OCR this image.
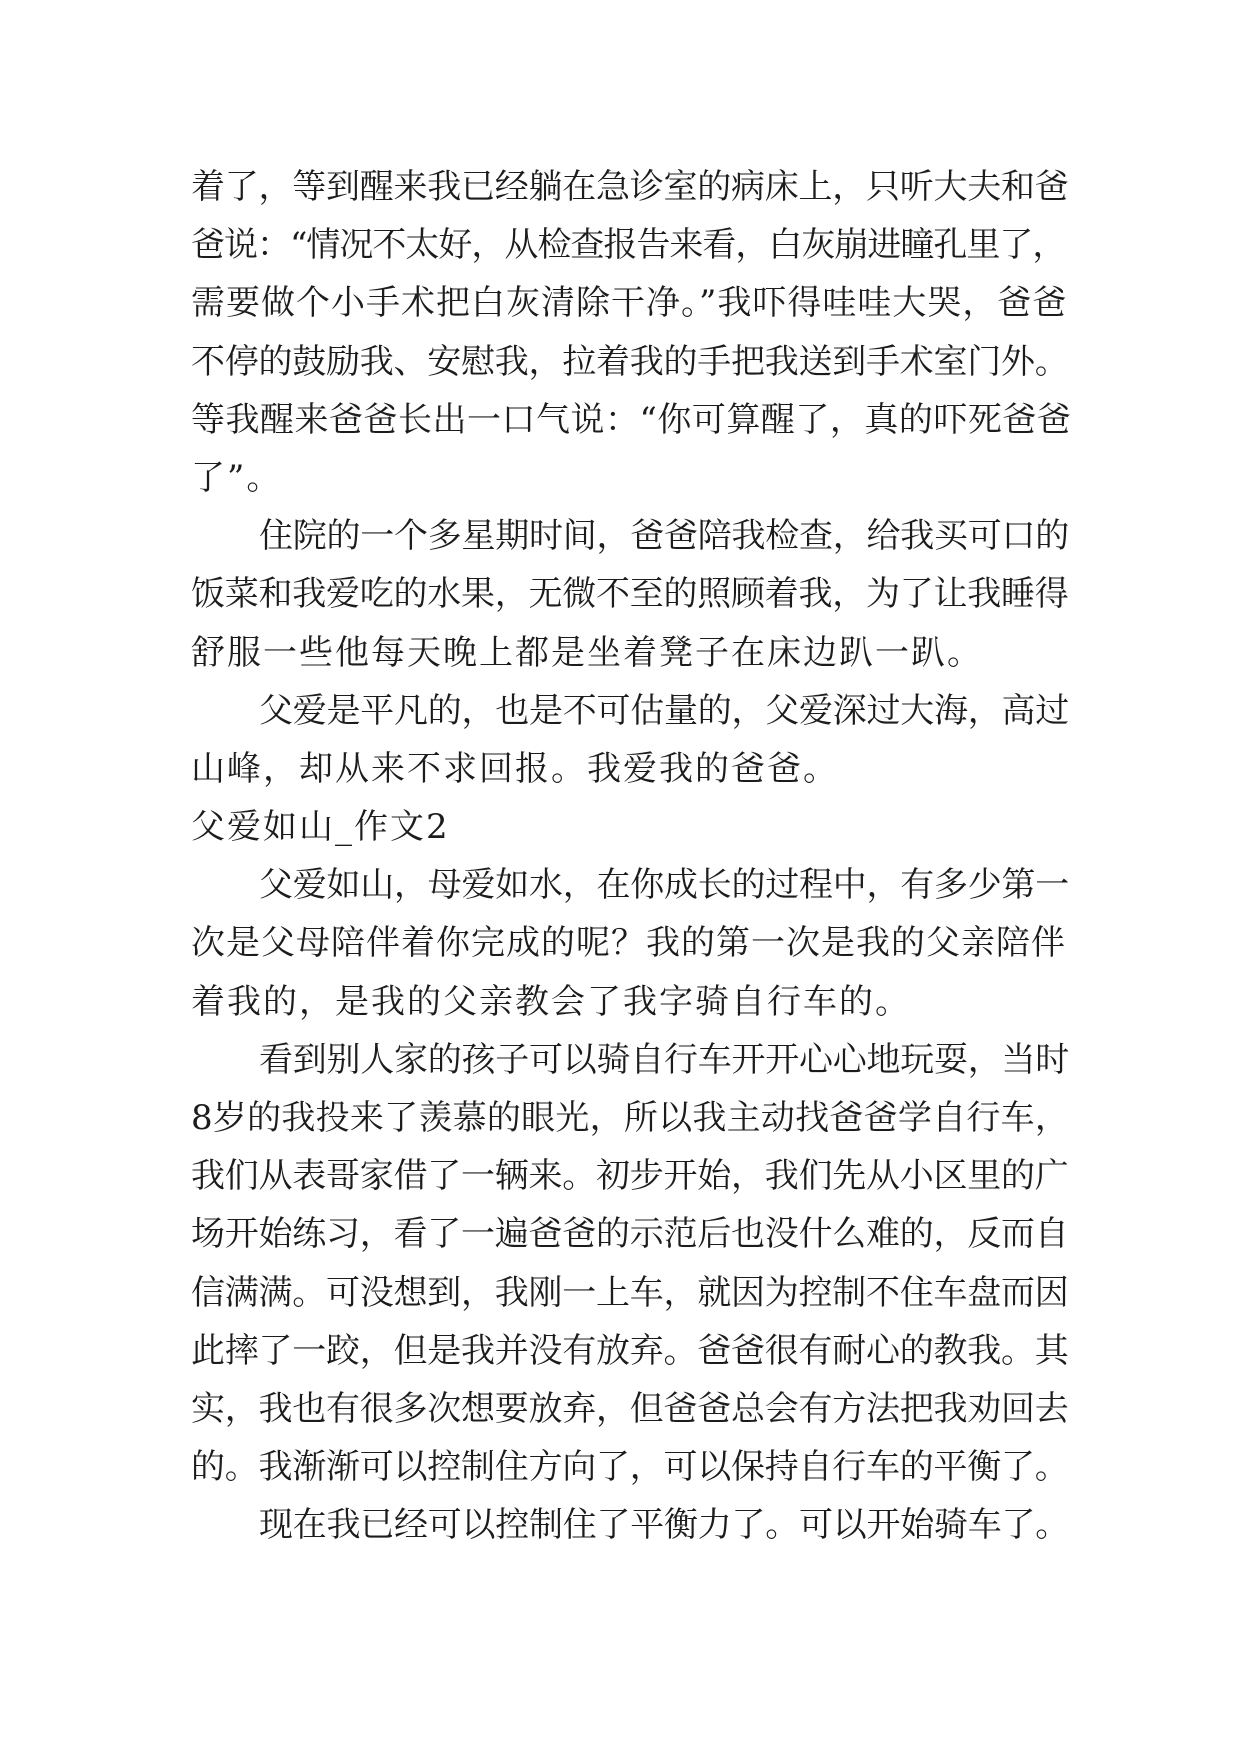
着了，等到醒来我已经躺在急诊室的病床上，只听大夫和爸
爸说：“情况不太好，从检查报告来看，白灰崩进瞳孔里了，
需要做个小手术把白灰清除干净。”我吓得哇哇大哭，爸爸
不停的鼓励我、安慰我，拉着我的手把我送到手术室门外。
等我醒来爸爸长出一口气说：“你可算醒了，真的吓死爸爸
了”。
住院的一个多星期时间，爸爸陪我检查，给我买可口的
饭菜和我爱吃的水果，无微不至的照顾着我，为了让我睡得
舒服一些他每天晚上都是坐着凳子在床边趴一趴。
父爱是平凡的，也是不可估量的，父爱深过大海，高过
山峰，却从来不求回报。我爱我的爸爸。
父爱如山_作文2
父爱如山，母爱如水，在你成长的过程中，有多少第一
次是父母陪伴着你完成的呢？我的第一次是我的父亲陪伴
着我的，是我的父亲教会了我字骑自行车的。
看到别人家的孩子可以骑自行车开开心心地玩耍，当时
8岁的我投来了羡慕的眼光，所以我主动找爸爸学自行车，
我们从表哥家借了一辆来。初步开始，我们先从小区里的广
场开始练习，看了一遍爸爸的示范后也没什么难的，反而自
信满满。可没想到，我刚一上车，就因为控制不住车盘而因
此摔了一跤，但是我并没有放弃。爸爸很有耐心的教我。其
实，我也有很多次想要放弃，但爸爸总会有方法把我劝回去
的。我渐渐可以控制住方向了，可以保持自行车的平衡了。
现在我已经可以控制住了平衡力了。可以开始骑车了。
